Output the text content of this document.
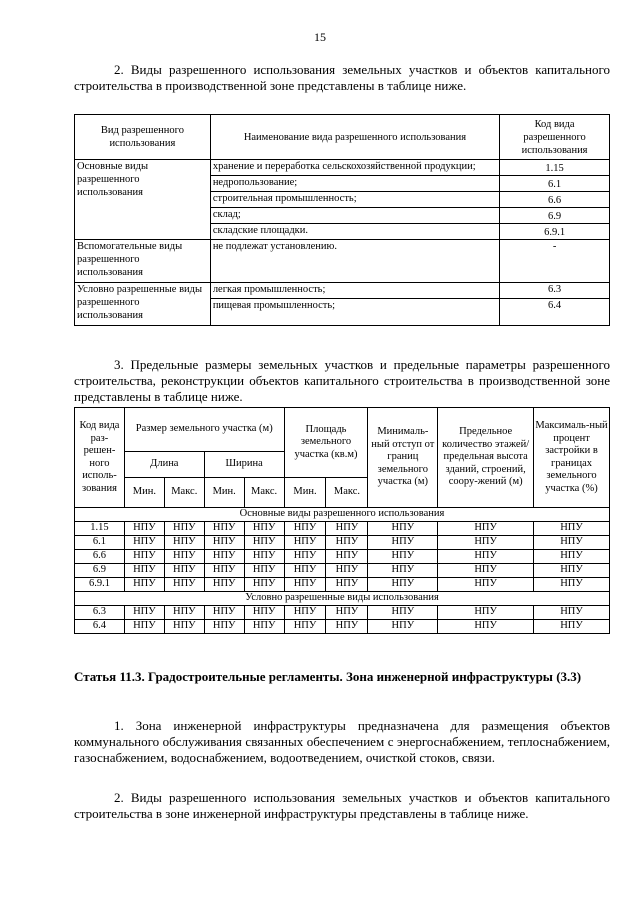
15

2. Виды разрешенного использования земельных участков и объектов капитального строительства в производственной зоне представлены в таблице ниже.

Вид разрешенного использования	Наименование вида разрешенного использования	Код вида разрешенного использования
Основные виды разрешенного использования	хранение и переработка сельскохозяйственной продукции;	1.15
	недропользование;	6.1
	строительная промышленность;	6.6
	склад;	6.9
	складские площадки.	6.9.1
Вспомогательные виды разрешенного использования	не подлежат установлению.	-
Условно разрешенные виды разрешенного использования	легкая промышленность;	6.3
	пищевая промышленность;	6.4

3. Предельные размеры земельных участков и предельные параметры разрешенного строительства, реконструкции объектов капитального строительства в производственной зоне представлены в таблице ниже.

Код вида раз-решен-ного исполь-зования	Размер земельного участка (м)				Площадь земельного участка (кв.м)		Минималь-ный отступ от границ земельного участка (м)	Предельное количество этажей/ предельная высота зданий, строений, соору-жений (м)	Максималь-ный процент застройки в границах земельного участка (%)
	Длина		Ширина						
	Мин.	Макс.	Мин.	Макс.	Мин.	Макс.			
Основные виды разрешенного использования									
1.15	НПУ	НПУ	НПУ	НПУ	НПУ	НПУ	НПУ	НПУ	НПУ
6.1	НПУ	НПУ	НПУ	НПУ	НПУ	НПУ	НПУ	НПУ	НПУ
6.6	НПУ	НПУ	НПУ	НПУ	НПУ	НПУ	НПУ	НПУ	НПУ
6.9	НПУ	НПУ	НПУ	НПУ	НПУ	НПУ	НПУ	НПУ	НПУ
6.9.1	НПУ	НПУ	НПУ	НПУ	НПУ	НПУ	НПУ	НПУ	НПУ
Условно разрешенные виды использования									
6.3	НПУ	НПУ	НПУ	НПУ	НПУ	НПУ	НПУ	НПУ	НПУ
6.4	НПУ	НПУ	НПУ	НПУ	НПУ	НПУ	НПУ	НПУ	НПУ
Статья 11.3. Градостроительные регламенты. Зона инженерной инфраструктуры (3.3)

1. Зона инженерной инфраструктуры предназначена для размещения объектов коммунального обслуживания связанных обеспечением с энергоснабжением, теплоснабжением, газоснабжением, водоснабжением, водоотведением, очисткой стоков, связи.

2. Виды разрешенного использования земельных участков и объектов капитального строительства в зоне инженерной инфраструктуры представлены в таблице ниже.
